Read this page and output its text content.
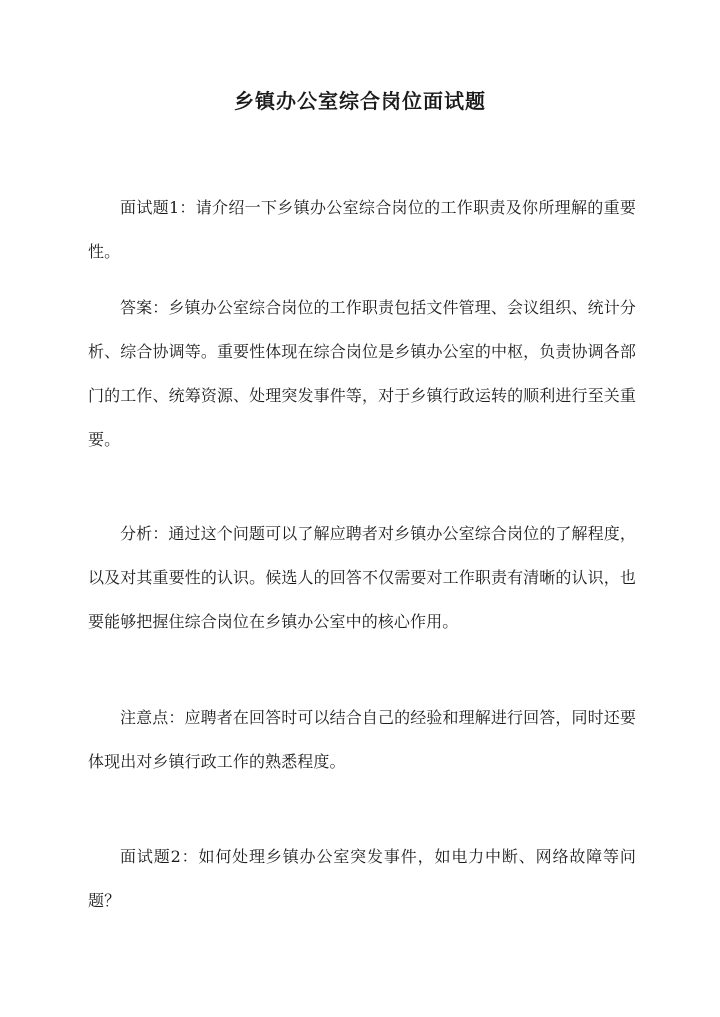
乡镇办公室综合岗位面试题
面试题1：请介绍一下乡镇办公室综合岗位的工作职责及你所理解的重要性。
答案：乡镇办公室综合岗位的工作职责包括文件管理、会议组织、统计分析、综合协调等。重要性体现在综合岗位是乡镇办公室的中枢，负责协调各部门的工作、统筹资源、处理突发事件等，对于乡镇行政运转的顺利进行至关重要。
分析：通过这个问题可以了解应聘者对乡镇办公室综合岗位的了解程度，以及对其重要性的认识。候选人的回答不仅需要对工作职责有清晰的认识，也要能够把握住综合岗位在乡镇办公室中的核心作用。
注意点：应聘者在回答时可以结合自己的经验和理解进行回答，同时还要体现出对乡镇行政工作的熟悉程度。
面试题2：如何处理乡镇办公室突发事件，如电力中断、网络故障等问题？
